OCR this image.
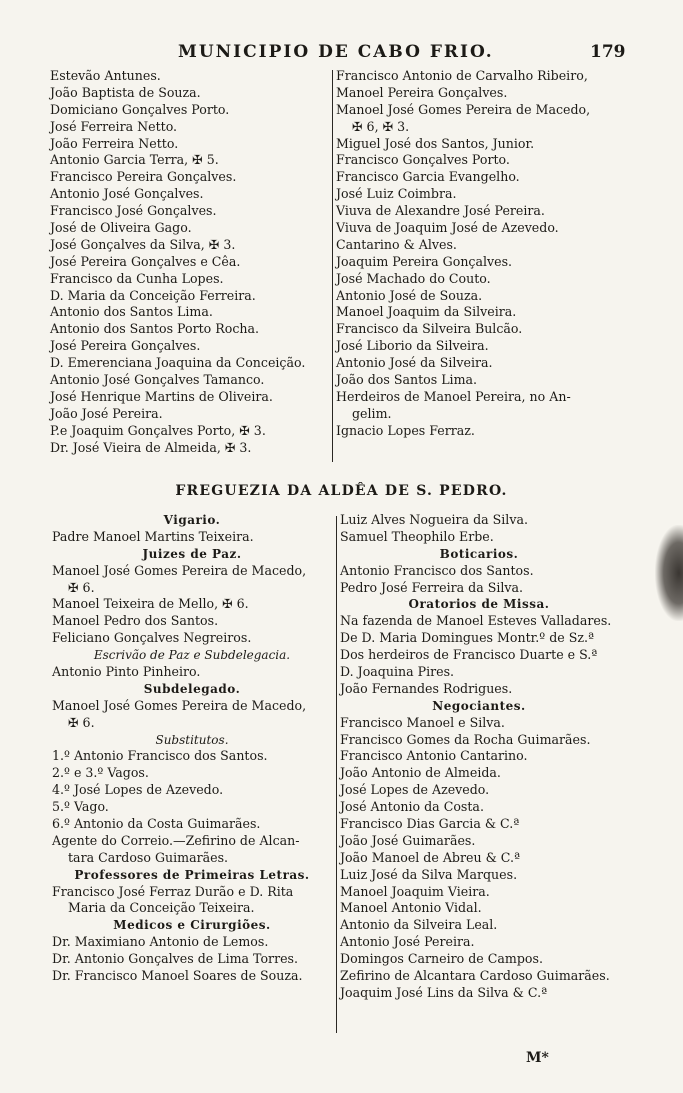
MUNICIPIO DE CABO FRIO.	179
Estevão Antunes.
João Baptista de Souza.
Domiciano Gonçalves Porto.
José Ferreira Netto.
João Ferreira Netto.
Antonio Garcia Terra, ✠ 5.
Francisco Pereira Gonçalves.
Antonio José Gonçalves.
Francisco José Gonçalves.
José de Oliveira Gago.
José Gonçalves da Silva, ✠ 3.
José Pereira Gonçalves e Cêa.
Francisco da Cunha Lopes.
D. Maria da Conceição Ferreira.
Antonio dos Santos Lima.
Antonio dos Santos Porto Rocha.
José Pereira Gonçalves.
D. Emerenciana Joaquina da Conceição.
Antonio José Gonçalves Tamanco.
José Henrique Martins de Oliveira.
João José Pereira.
P.e Joaquim Gonçalves Porto, ✠ 3.
Dr. José Vieira de Almeida, ✠ 3.
Francisco Antonio de Carvalho Ribeiro,
Manoel Pereira Gonçalves.
Manoel José Gomes Pereira de Macedo,
✠ 6, ✠ 3.
Miguel José dos Santos, Junior.
Francisco Gonçalves Porto.
Francisco Garcia Evangelho.
José Luiz Coimbra.
Viuva de Alexandre José Pereira.
Viuva de Joaquim José de Azevedo.
Cantarino & Alves.
Joaquim Pereira Gonçalves.
José Machado do Couto.
Antonio José de Souza.
Manoel Joaquim da Silveira.
Francisco da Silveira Bulcão.
José Liborio da Silveira.
Antonio José da Silveira.
João dos Santos Lima.
Herdeiros de Manoel Pereira, no An-
gelim.
Ignacio Lopes Ferraz.
FREGUEZIA DA ALDÊA DE S. PEDRO.
Vigario.
Padre Manoel Martins Teixeira.
Juizes de Paz.
Manoel José Gomes Pereira de Macedo,
✠ 6.
Manoel Teixeira de Mello, ✠ 6.
Manoel Pedro dos Santos.
Feliciano Gonçalves Negreiros.
Escrivão de Paz e Subdelegacia.
Antonio Pinto Pinheiro.
Subdelegado.
Manoel José Gomes Pereira de Macedo,
✠ 6.
Substitutos.
1.º Antonio Francisco dos Santos.
2.º e 3.º Vagos.
4.º José Lopes de Azevedo.
5.º Vago.
6.º Antonio da Costa Guimarães.
Agente do Correio.—Zefirino de Alcan-
tara Cardoso Guimarães.
Professores de Primeiras Letras.
Francisco José Ferraz Durão e D. Rita
Maria da Conceição Teixeira.
Medicos e Cirurgiões.
Dr. Maximiano Antonio de Lemos.
Dr. Antonio Gonçalves de Lima Torres.
Dr. Francisco Manoel Soares de Souza.
Luiz Alves Nogueira da Silva.
Samuel Theophilo Erbe.
Boticarios.
Antonio Francisco dos Santos.
Pedro José Ferreira da Silva.
Oratorios de Missa.
Na fazenda de Manoel Esteves Valladares.
De D. Maria Domingues Montr.º de Sz.ª
Dos herdeiros de Francisco Duarte e S.ª
D. Joaquina Pires.
João Fernandes Rodrigues.
Negociantes.
Francisco Manoel e Silva.
Francisco Gomes da Rocha Guimarães.
Francisco Antonio Cantarino.
João Antonio de Almeida.
José Lopes de Azevedo.
José Antonio da Costa.
Francisco Dias Garcia & C.ª
João José Guimarães.
João Manoel de Abreu & C.ª
Luiz José da Silva Marques.
Manoel Joaquim Vieira.
Manoel Antonio Vidal.
Antonio da Silveira Leal.
Antonio José Pereira.
Domingos Carneiro de Campos.
Zefirino de Alcantara Cardoso Guimarães.
Joaquim José Lins da Silva & C.ª
M*
